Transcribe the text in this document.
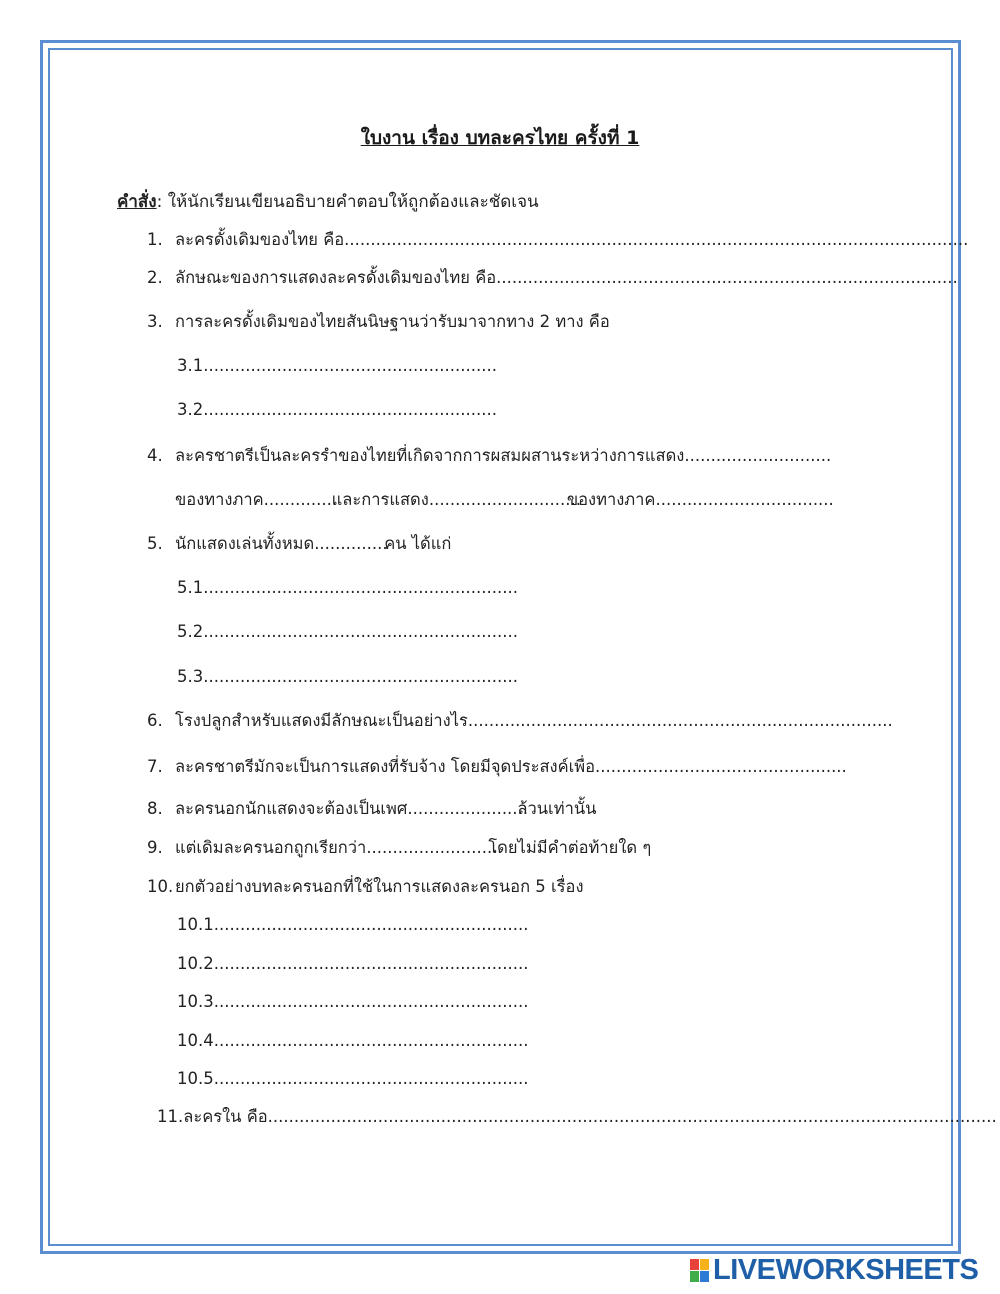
ใบงาน เรื่อง บทละครไทย ครั้งที่ 1
คำสั่ง: ให้นักเรียนเขียนอธิบายคำตอบให้ถูกต้องและชัดเจน
1. ละครดั้งเดิมของไทย คือ .......................................................................................................................
2. ลักษณะของการแสดงละครดั้งเดิมของไทย คือ ........................................................................................
3. การละครดั้งเดิมของไทยสันนิษฐานว่ารับมาจากทาง 2 ทาง คือ
3.1 ........................................................
3.2 ........................................................
4. ละครชาตรีเป็นละครรำของไทยที่เกิดจากการผสมผสานระหว่างการแสดง ............................
ของทางภาค ..............
และการแสดง .............................
ของทางภาค ..................................
5. นักแสดงเล่นทั้งหมด ..............
คน ได้แก่
5.1 ............................................................
5.2 ............................................................
5.3 ............................................................
6. โรงปลูกสำหรับแสดงมีลักษณะเป็นอย่างไร .................................................................................
7. ละครชาตรีมักจะเป็นการแสดงที่รับจ้าง โดยมีจุดประสงค์เพื่อ ................................................
8. ละครนอกนักแสดงจะต้องเป็นเพศ .......................
ล้วนเท่านั้น
9. แต่เดิมละครนอกถูกเรียกว่า .........................
โดยไม่มีคำต่อท้ายใด ๆ
10. ยกตัวอย่างบทละครนอกที่ใช้ในการแสดงละครนอก 5 เรื่อง
10.1 ............................................................
10.2 ............................................................
10.3 ............................................................
10.4 ............................................................
10.5 ............................................................
11. ละครใน คือ ...........................................................................................................................................
LIVEWORKSHEETS
